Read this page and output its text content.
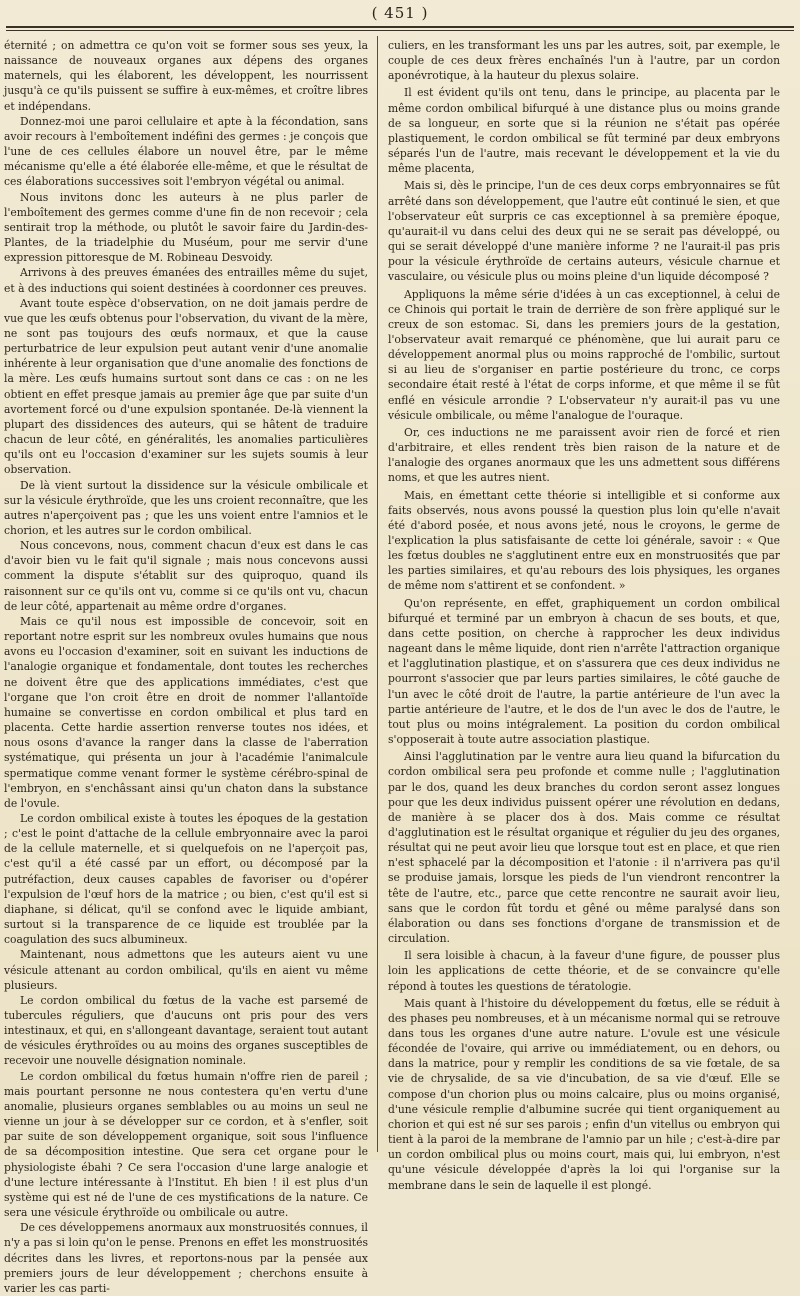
( 451 )

éternité ; on admettra ce qu'on voit se former sous ses yeux, la naissance de nouveaux organes aux dépens des organes maternels, qui les élaborent, les développent, les nourrissent jusqu'à ce qu'ils puissent se suffire à eux-mêmes, et croître libres et indépendans.

Donnez-moi une paroi cellulaire et apte à la fécondation, sans avoir recours à l'emboîtement indéfini des germes : je conçois que l'une de ces cellules élabore un nouvel être, par le même mécanisme qu'elle a été élaborée elle-même, et que le résultat de ces élaborations successives soit l'embryon végétal ou animal.

Nous invitons donc les auteurs à ne plus parler de l'emboîtement des germes comme d'une fin de non recevoir ; cela sentirait trop la méthode, ou plutôt le savoir faire du Jardin-des-Plantes, de la triadelphie du Muséum, pour me servir d'une expression pittoresque de M. Robineau Desvoidy.

Arrivons à des preuves émanées des entrailles même du sujet, et à des inductions qui soient destinées à coordonner ces preuves.

Avant toute espèce d'observation, on ne doit jamais perdre de vue que les œufs obtenus pour l'observation, du vivant de la mère, ne sont pas toujours des œufs normaux, et que la cause perturbatrice de leur expulsion peut autant venir d'une anomalie inhérente à leur organisation que d'une anomalie des fonctions de la mère. Les œufs humains surtout sont dans ce cas : on ne les obtient en effet presque jamais au premier âge que par suite d'un avortement forcé ou d'une expulsion spontanée. De-là viennent la plupart des dissidences des auteurs, qui se hâtent de traduire chacun de leur côté, en généralités, les anomalies particulières qu'ils ont eu l'occasion d'examiner sur les sujets soumis à leur observation.

De là vient surtout la dissidence sur la vésicule ombilicale et sur la vésicule érythroïde, que les uns croient reconnaître, que les autres n'aperçoivent pas ; que les uns voient entre l'amnios et le chorion, et les autres sur le cordon ombilical.

Nous concevons, nous, comment chacun d'eux est dans le cas d'avoir bien vu le fait qu'il signale ; mais nous concevons aussi comment la dispute s'établit sur des quiproquo, quand ils raisonnent sur ce qu'ils ont vu, comme si ce qu'ils ont vu, chacun de leur côté, appartenait au même ordre d'organes.

Mais ce qu'il nous est impossible de concevoir, soit en reportant notre esprit sur les nombreux ovules humains que nous avons eu l'occasion d'examiner, soit en suivant les inductions de l'analogie organique et fondamentale, dont toutes les recherches ne doivent être que des applications immédiates, c'est que l'organe que l'on croit être en droit de nommer l'allantoïde humaine se convertisse en cordon ombilical et plus tard en placenta. Cette hardie assertion renverse toutes nos idées, et nous osons d'avance la ranger dans la classe de l'aberration systématique, qui présenta un jour à l'académie l'animalcule spermatique comme venant former le système cérébro-spinal de l'embryon, en s'enchâssant ainsi qu'un chaton dans la substance de l'ovule.

Le cordon ombilical existe à toutes les époques de la gestation ; c'est le point d'attache de la cellule embryonnaire avec la paroi de la cellule maternelle, et si quelquefois on ne l'aperçoit pas, c'est qu'il a été cassé par un effort, ou décomposé par la putréfaction, deux causes capables de favoriser ou d'opérer l'expulsion de l'œuf hors de la matrice ; ou bien, c'est qu'il est si diaphane, si délicat, qu'il se confond avec le liquide ambiant, surtout si la transparence de ce liquide est troublée par la coagulation des sucs albumineux.

Maintenant, nous admettons que les auteurs aient vu une vésicule attenant au cordon ombilical, qu'ils en aient vu même plusieurs.

Le cordon ombilical du fœtus de la vache est parsemé de tubercules réguliers, que d'aucuns ont pris pour des vers intestinaux, et qui, en s'allongeant davantage, seraient tout autant de vésicules érythroïdes ou au moins des organes susceptibles de recevoir une nouvelle désignation nominale.

Le cordon ombilical du fœtus humain n'offre rien de pareil ; mais pourtant personne ne nous contestera qu'en vertu d'une anomalie, plusieurs organes semblables ou au moins un seul ne vienne un jour à se développer sur ce cordon, et à s'enfler, soit par suite de son développement organique, soit sous l'influence de sa décomposition intestine. Que sera cet organe pour le physiologiste ébahi ? Ce sera l'occasion d'une large analogie et d'une lecture intéressante à l'Institut. Eh bien ! il est plus d'un système qui est né de l'une de ces mystifications de la nature. Ce sera une vésicule érythroïde ou ombilicale ou autre.

De ces développemens anormaux aux monstruosités connues, il n'y a pas si loin qu'on le pense. Prenons en effet les monstruosités décrites dans les livres, et reportons-nous par la pensée aux premiers jours de leur développement ; cherchons ensuite à varier les cas parti-

culiers, en les transformant les uns par les autres, soit, par exemple, le couple de ces deux frères enchaînés l'un à l'autre, par un cordon aponévrotique, à la hauteur du plexus solaire.

Il est évident qu'ils ont tenu, dans le principe, au placenta par le même cordon ombilical bifurqué à une distance plus ou moins grande de sa longueur, en sorte que si la réunion ne s'était pas opérée plastiquement, le cordon ombilical se fût terminé par deux embryons séparés l'un de l'autre, mais recevant le développement et la vie du même placenta,

Mais si, dès le principe, l'un de ces deux corps embryonnaires se fût arrêté dans son développement, que l'autre eût continué le sien, et que l'observateur eût surpris ce cas exceptionnel à sa première époque, qu'aurait-il vu dans celui des deux qui ne se serait pas développé, ou qui se serait développé d'une manière informe ? ne l'aurait-il pas pris pour la vésicule érythroïde de certains auteurs, vésicule charnue et vasculaire, ou vésicule plus ou moins pleine d'un liquide décomposé ?

Appliquons la même série d'idées à un cas exceptionnel, à celui de ce Chinois qui portait le train de derrière de son frère appliqué sur le creux de son estomac. Si, dans les premiers jours de la gestation, l'observateur avait remarqué ce phénomène, que lui aurait paru ce développement anormal plus ou moins rapproché de l'ombilic, surtout si au lieu de s'organiser en partie postérieure du tronc, ce corps secondaire était resté à l'état de corps informe, et que même il se fût enflé en vésicule arrondie ? L'observateur n'y aurait-il pas vu une vésicule ombilicale, ou même l'analogue de l'ouraque.

Or, ces inductions ne me paraissent avoir rien de forcé et rien d'arbitraire, et elles rendent très bien raison de la nature et de l'analogie des organes anormaux que les uns admettent sous différens noms, et que les autres nient.

Mais, en émettant cette théorie si intelligible et si conforme aux faits observés, nous avons poussé la question plus loin qu'elle n'avait été d'abord posée, et nous avons jeté, nous le croyons, le germe de l'explication la plus satisfaisante de cette loi générale, savoir : « Que les fœtus doubles ne s'agglutinent entre eux en monstruosités que par les parties similaires, et qu'au rebours des lois physiques, les organes de même nom s'attirent et se confondent. »

Qu'on représente, en effet, graphiquement un cordon ombilical bifurqué et terminé par un embryon à chacun de ses bouts, et que, dans cette position, on cherche à rapprocher les deux individus nageant dans le même liquide, dont rien n'arrête l'attraction organique et l'agglutination plastique, et on s'assurera que ces deux individus ne pourront s'associer que par leurs parties similaires, le côté gauche de l'un avec le côté droit de l'autre, la partie antérieure de l'un avec la partie antérieure de l'autre, et le dos de l'un avec le dos de l'autre, le tout plus ou moins intégralement. La position du cordon ombilical s'opposerait à toute autre association plastique.

Ainsi l'agglutination par le ventre aura lieu quand la bifurcation du cordon ombilical sera peu profonde et comme nulle ; l'agglutination par le dos, quand les deux branches du cordon seront assez longues pour que les deux individus puissent opérer une révolution en dedans, de manière à se placer dos à dos. Mais comme ce résultat d'agglutination est le résultat organique et régulier du jeu des organes, résultat qui ne peut avoir lieu que lorsque tout est en place, et que rien n'est sphacelé par la décomposition et l'atonie : il n'arrivera pas qu'il se produise jamais, lorsque les pieds de l'un viendront rencontrer la tête de l'autre, etc., parce que cette rencontre ne saurait avoir lieu, sans que le cordon fût tordu et gêné ou même paralysé dans son élaboration ou dans ses fonctions d'organe de transmission et de circulation.

Il sera loisible à chacun, à la faveur d'une figure, de pousser plus loin les applications de cette théorie, et de se convaincre qu'elle répond à toutes les questions de tératologie.

Mais quant à l'histoire du développement du fœtus, elle se réduit à des phases peu nombreuses, et à un mécanisme normal qui se retrouve dans tous les organes d'une autre nature. L'ovule est une vésicule fécondée de l'ovaire, qui arrive ou immédiatement, ou en dehors, ou dans la matrice, pour y remplir les conditions de sa vie fœtale, de sa vie de chrysalide, de sa vie d'incubation, de sa vie d'œuf. Elle se compose d'un chorion plus ou moins calcaire, plus ou moins organisé, d'une vésicule remplie d'albumine sucrée qui tient organiquement au chorion et qui est né sur ses parois ; enfin d'un vitellus ou embryon qui tient à la paroi de la membrane de l'amnio par un hile ; c'est-à-dire par un cordon ombilical plus ou moins court, mais qui, lui embryon, n'est qu'une vésicule développée d'après la loi qui l'organise sur la membrane dans le sein de laquelle il est plongé.
